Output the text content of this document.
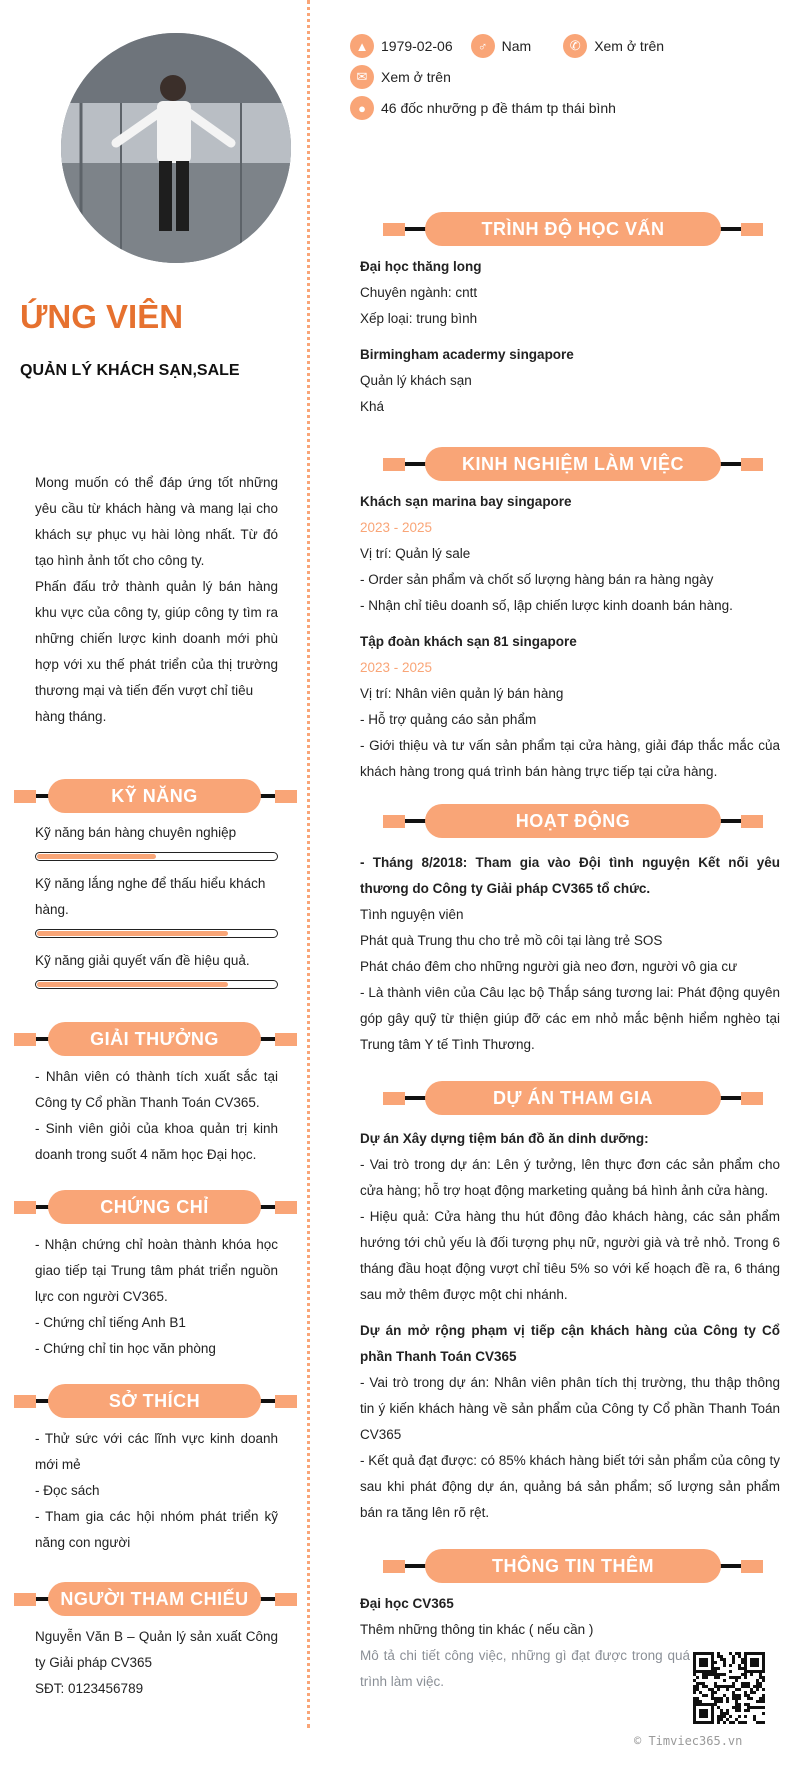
ỨNG VIÊN
QUẢN LÝ KHÁCH SẠN,SALE

Mong muốn có thể đáp ứng tốt những yêu cầu từ khách hàng và mang lại cho khách sự phục vụ hài lòng nhất. Từ đó tạo hình ảnh tốt cho công ty.

Phấn đấu trở thành quản lý bán hàng khu vực của công ty, giúp công ty tìm ra những chiến lược kinh doanh mới phù hợp với xu thế phát triển của thị trường thương mại và tiến đến vượt chỉ tiêu

hàng tháng.

KỸ NĂNG
Kỹ năng bán hàng chuyên nghiệp
Kỹ năng lắng nghe để thấu hiểu khách hàng.
Kỹ năng giải quyết vấn đề hiệu quả.
GIẢI THƯỞNG

- Nhân viên có thành tích xuất sắc tại Công ty Cổ phần Thanh Toán CV365.

- Sinh viên giỏi của khoa quản trị kinh doanh trong suốt 4 năm học Đại học.

CHỨNG CHỈ

- Nhận chứng chỉ hoàn thành khóa học giao tiếp tại Trung tâm phát triển nguồn lực con người CV365.

- Chứng chỉ tiếng Anh B1

- Chứng chỉ tin học văn phòng

SỞ THÍCH

- Thử sức với các lĩnh vực kinh doanh mới mẻ

- Đọc sách

- Tham gia các hội nhóm phát triển kỹ năng con người

NGƯỜI THAM CHIẾU

Nguyễn Văn B – Quản lý sản xuất Công ty Giải pháp CV365

SĐT: 0123456789

▲ 1979-02-06	♂	Nam	✆ Xem ở trên
✉ Xem ở trên
●	46 đốc nhưỡng p đề thám tp thái bình
TRÌNH ĐỘ HỌC VẤN

Đại học thăng long

Chuyên ngành: cntt

Xếp loại: trung bình

Birmingham acadermy singapore

Quản lý khách sạn

Khá

KINH NGHIỆM LÀM VIỆC

Khách sạn marina bay singapore

2023 - 2025

Vị trí: Quản lý sale

- Order sản phẩm và chốt số lượng hàng bán ra hàng ngày

- Nhận chỉ tiêu doanh số, lập chiến lược kinh doanh bán hàng.

Tập đoàn khách sạn 81 singapore

2023 - 2025

Vị trí: Nhân viên quản lý bán hàng

- Hỗ trợ quảng cáo sản phẩm

- Giới thiệu và tư vấn sản phẩm tại cửa hàng, giải đáp thắc mắc của khách hàng trong quá trình bán hàng trực tiếp tại cửa hàng.

HOẠT ĐỘNG

- Tháng 8/2018: Tham gia vào Đội tình nguyện Kết nối yêu thương do Công ty Giải pháp CV365 tổ chức.

Tình nguyện viên

Phát quà Trung thu cho trẻ mồ côi tại làng trẻ SOS

Phát cháo đêm cho những người già neo đơn, người vô gia cư

- Là thành viên của Câu lạc bộ Thắp sáng tương lai: Phát động quyên góp gây quỹ từ thiện giúp đỡ các em nhỏ mắc bệnh hiểm nghèo tại Trung tâm Y tế Tình Thương.

DỰ ÁN THAM GIA

Dự án Xây dựng tiệm bán đồ ăn dinh dưỡng:

- Vai trò trong dự án: Lên ý tưởng, lên thực đơn các sản phẩm cho cửa hàng; hỗ trợ hoạt động marketing quảng bá hình ảnh cửa hàng.

- Hiệu quả: Cửa hàng thu hút đông đảo khách hàng, các sản phẩm hướng tới chủ yếu là đối tượng phụ nữ, người già và trẻ nhỏ. Trong 6 tháng đầu hoạt động vượt chỉ tiêu 5% so với kế hoạch đề ra, 6 tháng sau mở thêm được một chi nhánh.

Dự án mở rộng phạm vị tiếp cận khách hàng của Công ty Cổ phần Thanh Toán CV365

- Vai trò trong dự án: Nhân viên phân tích thị trường, thu thập thông tin ý kiến khách hàng về sản phẩm của Công ty Cổ phần Thanh Toán CV365

- Kết quả đạt được: có 85% khách hàng biết tới sản phẩm của công ty sau khi phát động dự án, quảng bá sản phẩm; số lượng sản phẩm bán ra tăng lên rõ rệt.

THÔNG TIN THÊM

Đại học CV365

Thêm những thông tin khác ( nếu cần )

Mô tả chi tiết công việc, những gì đạt được trong quá trình làm việc.

© Timviec365.vn
